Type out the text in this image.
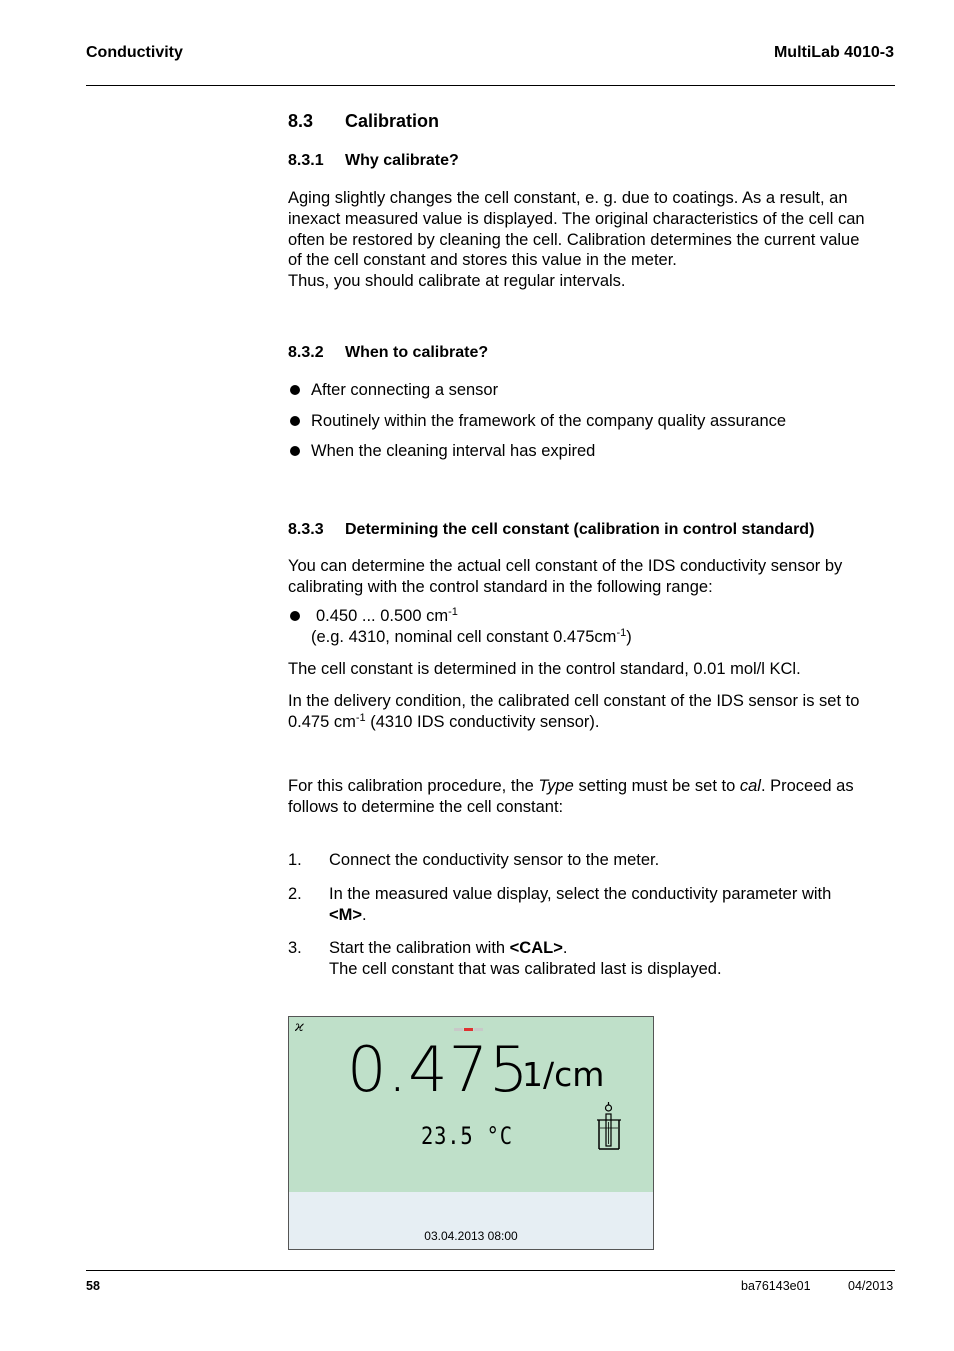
Conductivity	MultiLab 4010-3
8.3 Calibration
8.3.1 Why calibrate?
Aging slightly changes the cell constant, e. g. due to coatings. As a result, an
inexact measured value is displayed. The original characteristics of the cell can
often be restored by cleaning the cell. Calibration determines the current value
of the cell constant and stores this value in the meter.
Thus, you should calibrate at regular intervals.
8.3.2 When to calibrate?
After connecting a sensor
Routinely within the framework of the company quality assurance
When the cleaning interval has expired
8.3.3 Determining the cell constant (calibration in control standard)
You can determine the actual cell constant of the IDS conductivity sensor by
calibrating with the control standard in the following range:
0.450 ... 0.500 $cm^{-1}$
(e.g. 4310, nominal cell constant $0.475cm^{-1}$)
The cell constant is determined in the control standard, 0.01 mol/l KCl.
In the delivery condition, the calibrated cell constant of the IDS sensor is set to
0.475 $cm^{-1}$ (4310 IDS conductivity sensor).
For this calibration procedure, the Type setting must be set to cal. Proceed as
follows to determine the cell constant:
1. Connect the conductivity sensor to the meter.
2. In the measured value display, select the conductivity parameter with
<M>.
3. Start the calibration with <CAL>.
The cell constant that was calibrated last is displayed.
ϰ
0.475
1/cm
23.5 °C
03.04.2013 08:00
58	ba76143e01	04/2013
